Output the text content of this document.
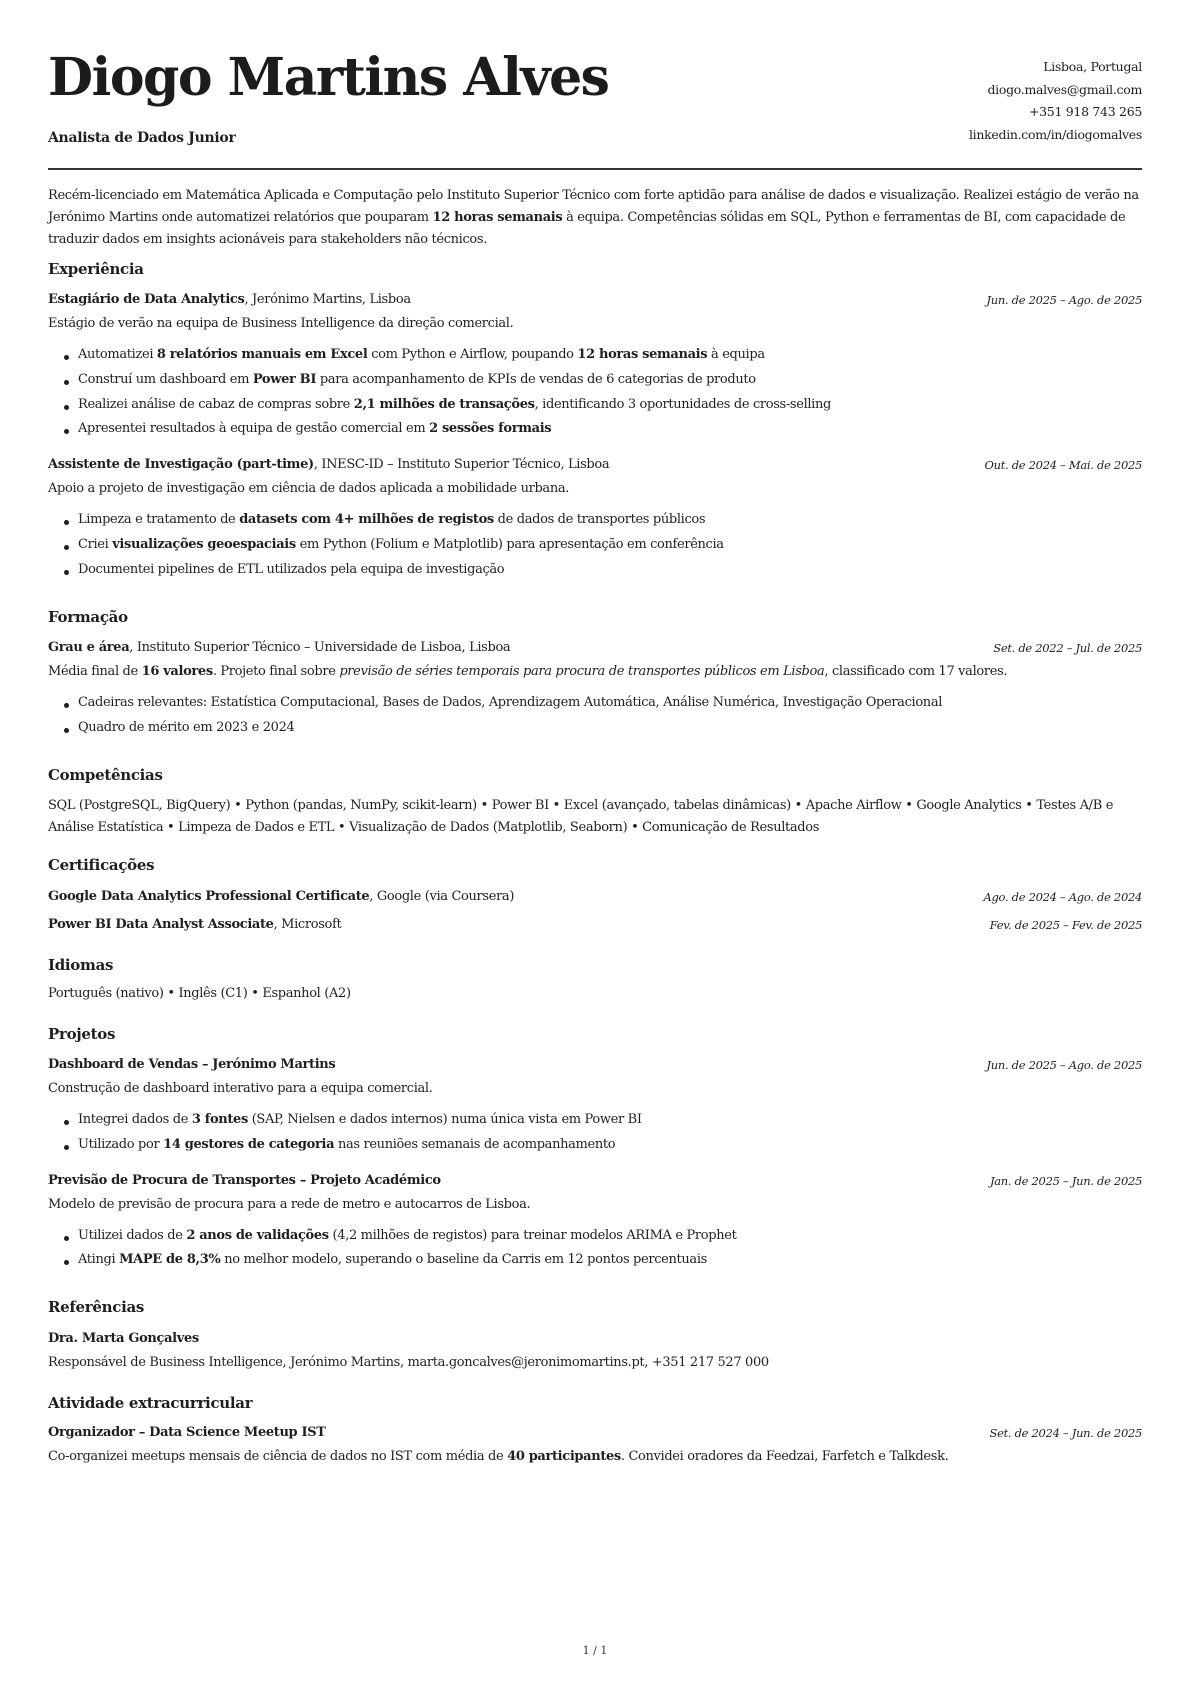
Diogo Martins Alves
Analista de Dados Junior
Lisboa, Portugal
diogo.malves@gmail.com
+351 918 743 265
linkedin.com/in/diogomalves
Recém-licenciado em Matemática Aplicada e Computação pelo Instituto Superior Técnico com forte aptidão para análise de dados e visualização. Realizei estágio de verão na Jerónimo Martins onde automatizei relatórios que pouparam 12 horas semanais à equipa. Competências sólidas em SQL, Python e ferramentas de BI, com capacidade de traduzir dados em insights acionáveis para stakeholders não técnicos.
Experiência
Estagiário de Data Analytics, Jerónimo Martins, Lisboa	Jun. de 2025 – Ago. de 2025
Estágio de verão na equipa de Business Intelligence da direção comercial.
Automatizei 8 relatórios manuais em Excel com Python e Airflow, poupando 12 horas semanais à equipa
Construí um dashboard em Power BI para acompanhamento de KPIs de vendas de 6 categorias de produto
Realizei análise de cabaz de compras sobre 2,1 milhões de transações, identificando 3 oportunidades de cross-selling
Apresentei resultados à equipa de gestão comercial em 2 sessões formais
Assistente de Investigação (part-time), INESC-ID – Instituto Superior Técnico, Lisboa	Out. de 2024 – Mai. de 2025
Apoio a projeto de investigação em ciência de dados aplicada a mobilidade urbana.
Limpeza e tratamento de datasets com 4+ milhões de registos de dados de transportes públicos
Criei visualizações geoespaciais em Python (Folium e Matplotlib) para apresentação em conferência
Documentei pipelines de ETL utilizados pela equipa de investigação
Formação
Grau e área, Instituto Superior Técnico – Universidade de Lisboa, Lisboa	Set. de 2022 – Jul. de 2025
Média final de 16 valores. Projeto final sobre previsão de séries temporais para procura de transportes públicos em Lisboa, classificado com 17 valores.
Cadeiras relevantes: Estatística Computacional, Bases de Dados, Aprendizagem Automática, Análise Numérica, Investigação Operacional
Quadro de mérito em 2023 e 2024
Competências
SQL (PostgreSQL, BigQuery) • Python (pandas, NumPy, scikit-learn) • Power BI • Excel (avançado, tabelas dinâmicas) • Apache Airflow • Google Analytics • Testes A/B e Análise Estatística • Limpeza de Dados e ETL • Visualização de Dados (Matplotlib, Seaborn) • Comunicação de Resultados
Certificações
Google Data Analytics Professional Certificate, Google (via Coursera)	Ago. de 2024 – Ago. de 2024
Power BI Data Analyst Associate, Microsoft	Fev. de 2025 – Fev. de 2025
Idiomas
Português (nativo) • Inglês (C1) • Espanhol (A2)
Projetos
Dashboard de Vendas – Jerónimo Martins	Jun. de 2025 – Ago. de 2025
Construção de dashboard interativo para a equipa comercial.
Integrei dados de 3 fontes (SAP, Nielsen e dados internos) numa única vista em Power BI
Utilizado por 14 gestores de categoria nas reuniões semanais de acompanhamento
Previsão de Procura de Transportes – Projeto Académico	Jan. de 2025 – Jun. de 2025
Modelo de previsão de procura para a rede de metro e autocarros de Lisboa.
Utilizei dados de 2 anos de validações (4,2 milhões de registos) para treinar modelos ARIMA e Prophet
Atingi MAPE de 8,3% no melhor modelo, superando o baseline da Carris em 12 pontos percentuais
Referências
Dra. Marta Gonçalves
Responsável de Business Intelligence, Jerónimo Martins, marta.goncalves@jeronimomartins.pt, +351 217 527 000
Atividade extracurricular
Organizador – Data Science Meetup IST	Set. de 2024 – Jun. de 2025
Co-organizei meetups mensais de ciência de dados no IST com média de 40 participantes. Convidei oradores da Feedzai, Farfetch e Talkdesk.
1 / 1
